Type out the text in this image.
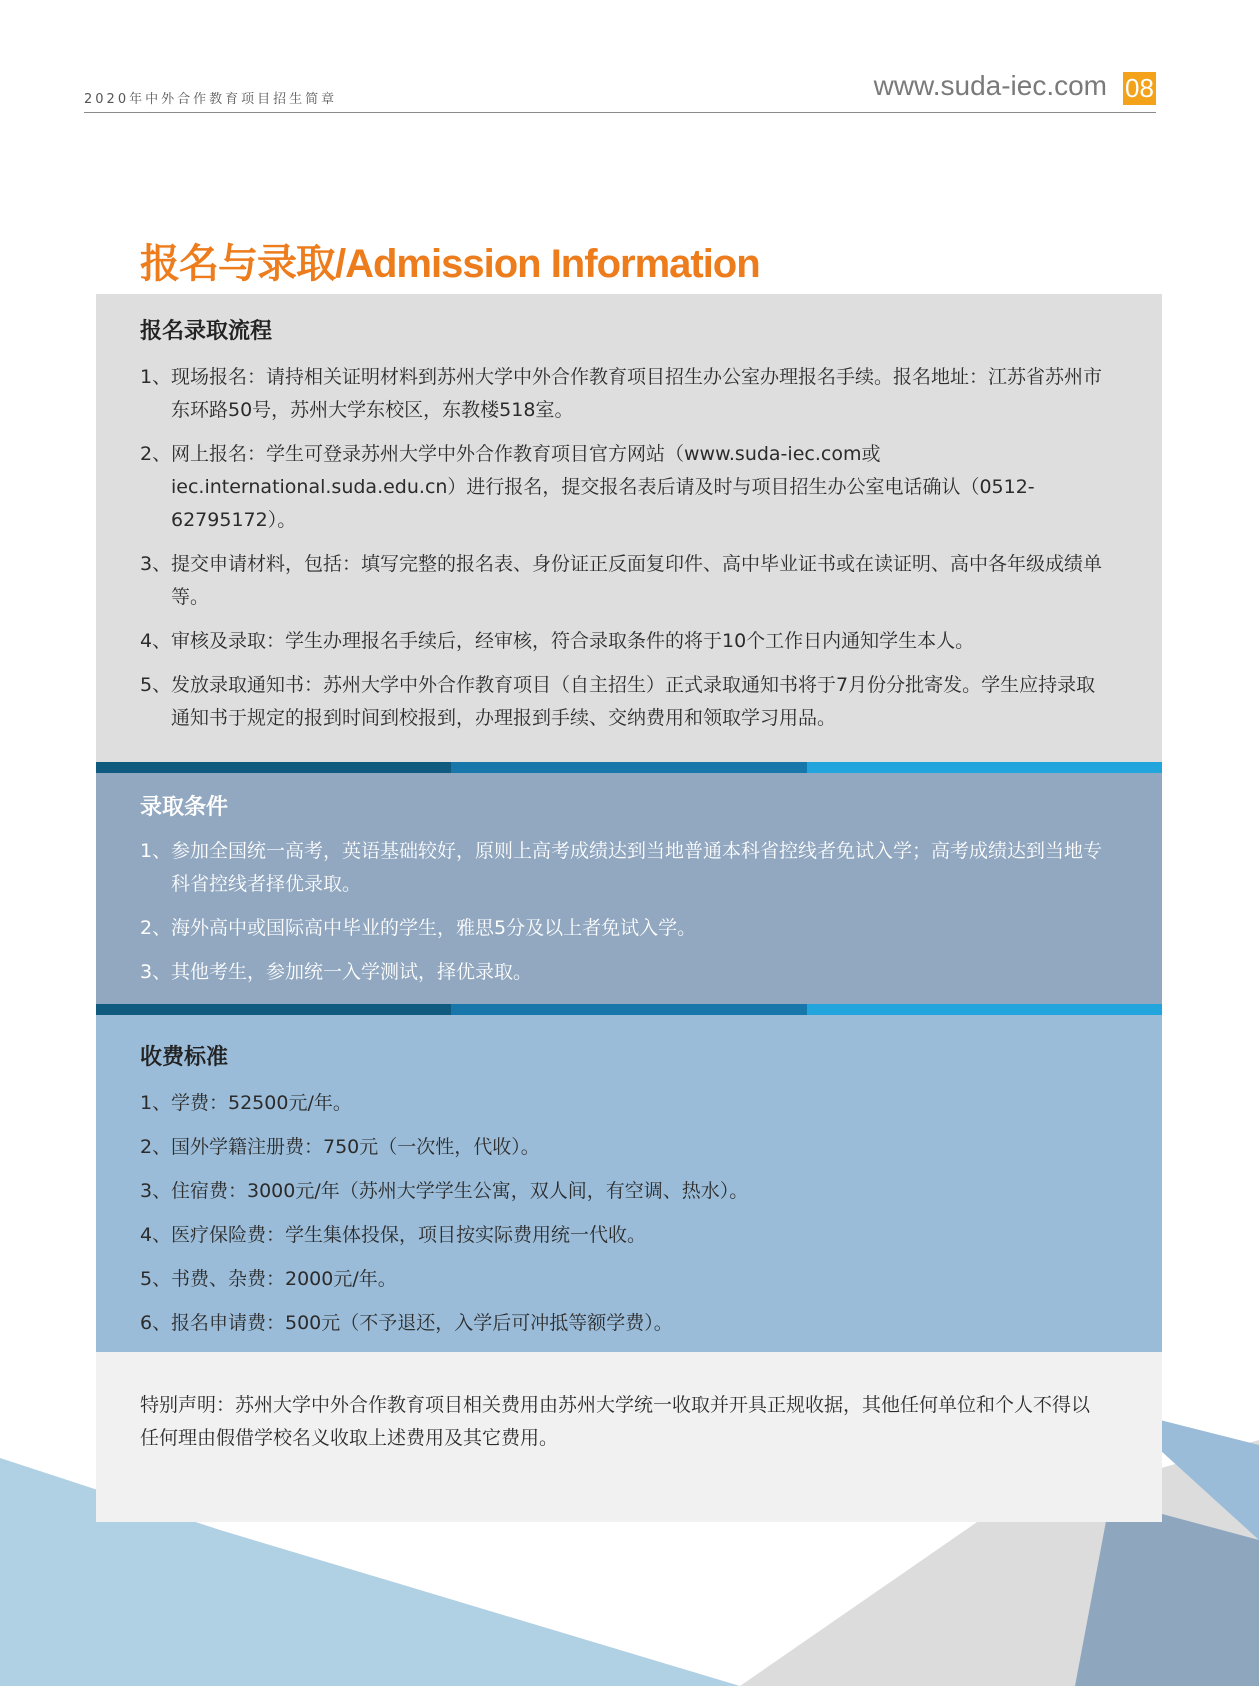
2020年中外合作教育项目招生简章	www.suda-iec.com 08
报名与录取/Admission Information
报名录取流程
1、 现场报名：请持相关证明材料到苏州大学中外合作教育项目招生办公室办理报名手续。报名地址：江苏省苏州市东环路50号，苏州大学东校区，东教楼518室。
2、 网上报名：学生可登录苏州大学中外合作教育项目官方网站（www.suda-iec.com或iec.international.suda.edu.cn）进行报名，提交报名表后请及时与项目招生办公室电话确认（0512-62795172）。
3、 提交申请材料，包括：填写完整的报名表、身份证正反面复印件、高中毕业证书或在读证明、高中各年级成绩单等。
4、 审核及录取：学生办理报名手续后，经审核，符合录取条件的将于10个工作日内通知学生本人。
5、 发放录取通知书：苏州大学中外合作教育项目（自主招生）正式录取通知书将于7月份分批寄发。学生应持录取通知书于规定的报到时间到校报到，办理报到手续、交纳费用和领取学习用品。
录取条件
1、 参加全国统一高考，英语基础较好，原则上高考成绩达到当地普通本科省控线者免试入学；高考成绩达到当地专科省控线者择优录取。
2、 海外高中或国际高中毕业的学生，雅思5分及以上者免试入学。
3、 其他考生，参加统一入学测试，择优录取。
收费标准
1、 学费：52500元/年。
2、 国外学籍注册费：750元（一次性，代收）。
3、 住宿费：3000元/年（苏州大学学生公寓，双人间，有空调、热水）。
4、 医疗保险费：学生集体投保，项目按实际费用统一代收。
5、 书费、杂费：2000元/年。
6、 报名申请费：500元（不予退还，入学后可冲抵等额学费）。

特别声明：苏州大学中外合作教育项目相关费用由苏州大学统一收取并开具正规收据，其他任何单位和个人不得以任何理由假借学校名义收取上述费用及其它费用。
